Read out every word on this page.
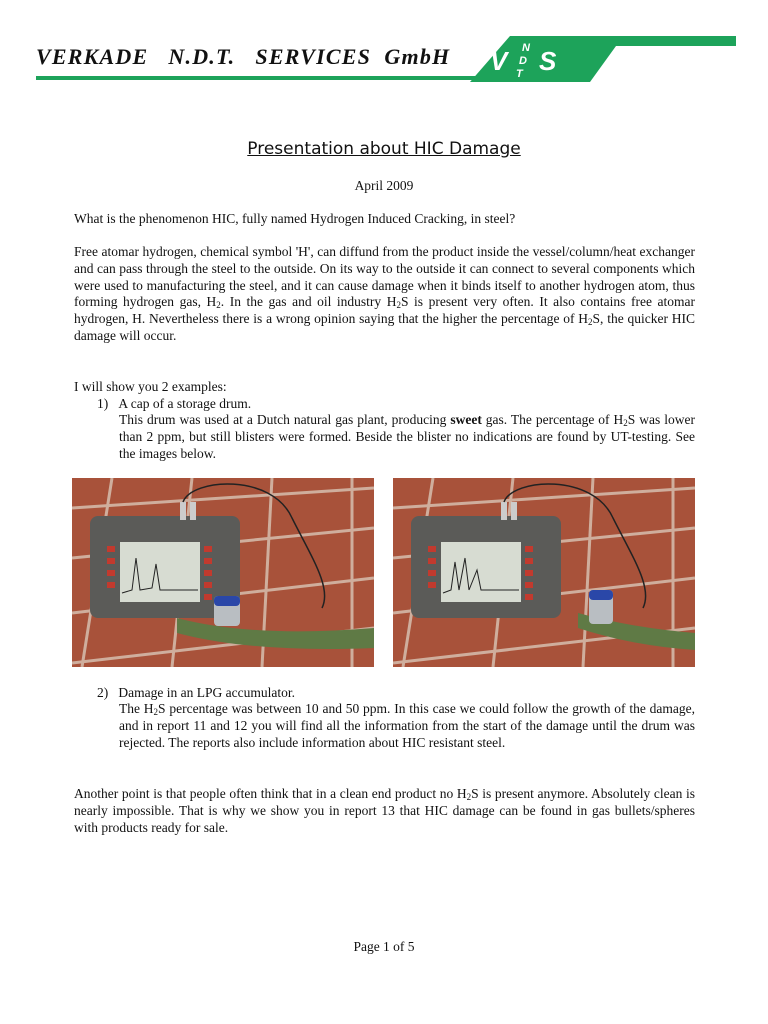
VERKADE   N.D.T.   SERVICES  GmbH V N
D
T S
Presentation about HIC Damage
April 2009
What is the phenomenon HIC, fully named Hydrogen Induced Cracking, in steel?
Free atomar hydrogen, chemical symbol 'H', can diffund from the product inside the vessel/column/heat exchanger and can pass through the steel to the outside. On its way to the outside it can connect to several components which were used to manufacturing the steel, and it can cause damage when it binds itself to another hydrogen atom, thus forming hydrogen gas, $H_2$. In the gas and oil industry $H_2S$ is present very often. It also contains free atomar hydrogen, H. Nevertheless there is a wrong opinion saying that the higher the percentage of $H_2S$, the quicker HIC damage will occur.
I will show you 2 examples:
1) A cap of a storage drum.
This drum was used at a Dutch natural gas plant, producing sweet gas. The percentage of $H_2S$ was lower than 2 ppm, but still blisters were formed. Beside the blister no indications are found by UT-testing. See the images below.
2) Damage in an LPG accumulator.
The $H_2S$ percentage was between 10 and 50 ppm. In this case we could follow the growth of the damage, and in report 11 and 12 you will find all the information from the start of the damage until the drum was rejected. The reports also include information about HIC resistant steel.
Another point is that people often think that in a clean end product no $H_2S$ is present anymore. Absolutely clean is nearly impossible. That is why we show you in report 13 that HIC damage can be found in gas bullets/spheres with products ready for sale.
Page 1 of 5
